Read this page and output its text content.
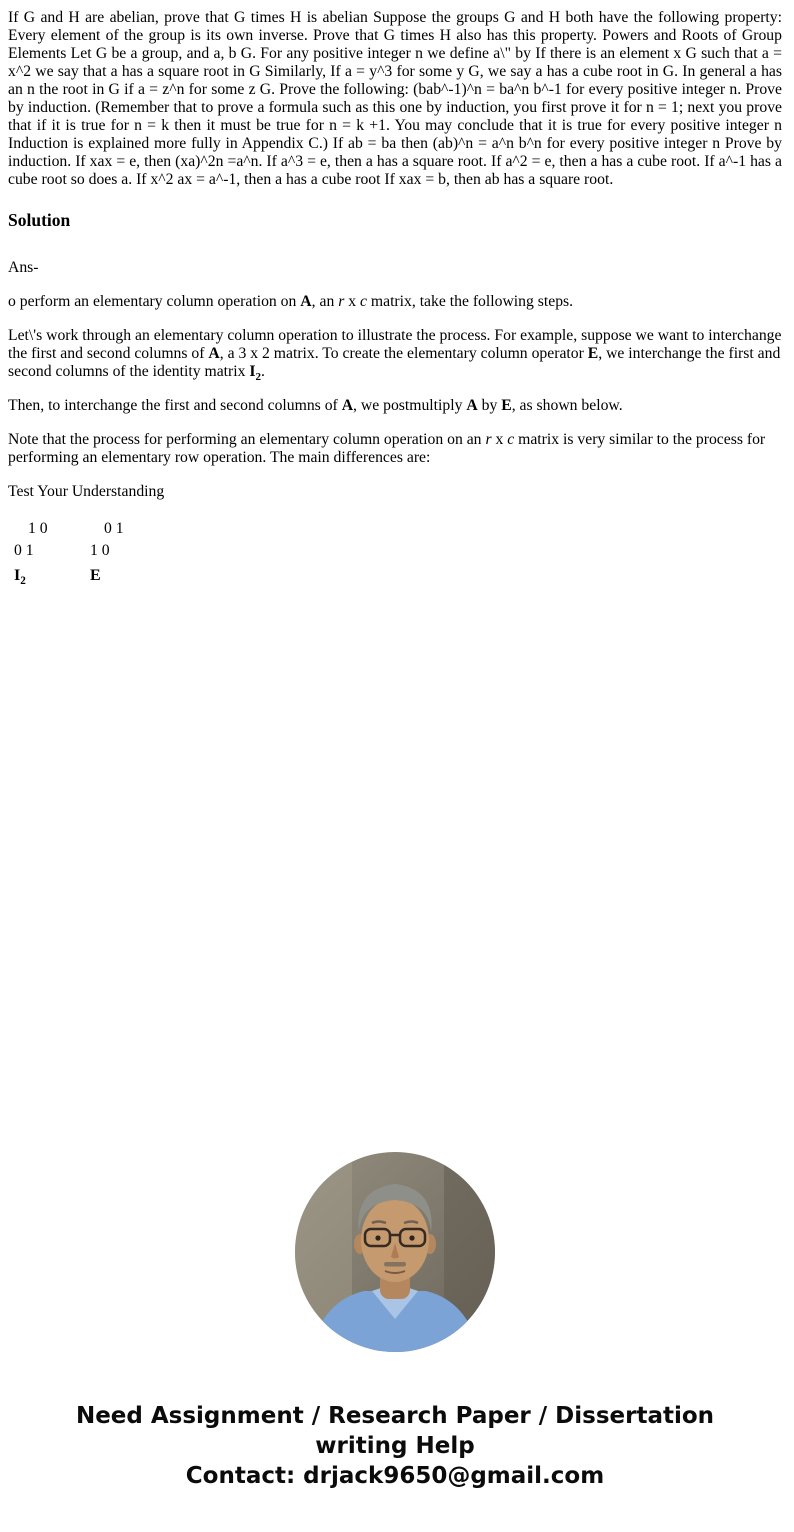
If G and H are abelian, prove that G times H is abelian Suppose the groups G and H both have the following property: Every element of the group is its own inverse. Prove that G times H also has this property. Powers and Roots of Group Elements Let G be a group, and a, b G. For any positive integer n we define a\" by If there is an element x G such that a = x^2 we say that a has a square root in G Similarly, If a = y^3 for some y G, we say a has a cube root in G. In general a has an n the root in G if a = z^n for some z G. Prove the following: (bab^-1)^n = ba^n b^-1 for every positive integer n. Prove by induction. (Remember that to prove a formula such as this one by induction, you first prove it for n = 1; next you prove that if it is true for n = k then it must be true for n = k +1. You may conclude that it is true for every positive integer n Induction is explained more fully in Appendix C.) If ab = ba then (ab)^n = a^n b^n for every positive integer n Prove by induction. If xax = e, then (xa)^2n =a^n. If a^3 = e, then a has a square root. If a^2 = e, then a has a cube root. If a^-1 has a cube root so does a. If x^2 ax = a^-1, then a has a cube root If xax = b, then ab has a square root.

Solution

Ans-

o perform an elementary column operation on A, an r x c matrix, take the following steps.

Let\'s work through an elementary column operation to illustrate the process. For example, suppose we want to interchange the first and second columns of A, a 3 x 2 matrix. To create the elementary column operator E, we interchange the first and second columns of the identity matrix $I_2$.

Then, to interchange the first and second columns of A, we postmultiply A by E, as shown below.

Note that the process for performing an elementary column operation on an r x c matrix is very similar to the process for performing an elementary row operation. The main differences are:

Test Your Understanding

1 0
0 1
$I_2$
0 1
1 0
E
Need Assignment / Research Paper / Dissertation
writing Help
Contact: drjack9650@gmail.com
